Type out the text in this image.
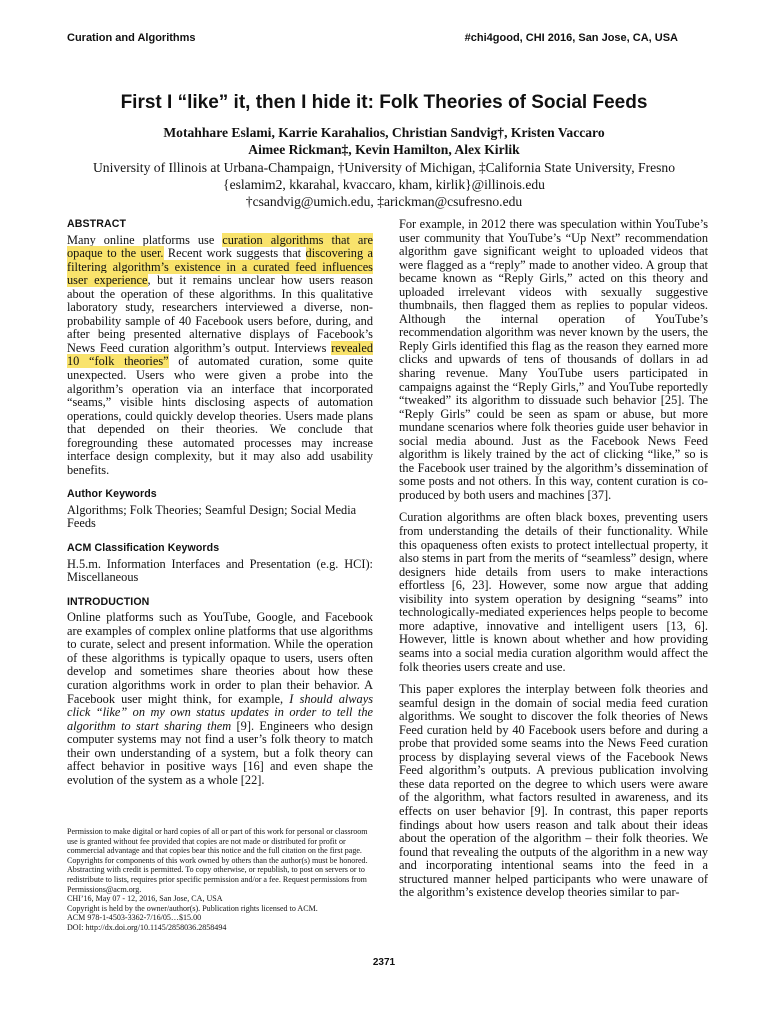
Curation and Algorithms	#chi4good, CHI 2016, San Jose, CA, USA
First I “like” it, then I hide it: Folk Theories of Social Feeds
Motahhare Eslami, Karrie Karahalios, Christian Sandvig†, Kristen Vaccaro
Aimee Rickman‡, Kevin Hamilton, Alex Kirlik
University of Illinois at Urbana-Champaign, †University of Michigan, ‡California State University, Fresno
{eslamim2, kkarahal, kvaccaro, kham, kirlik}@illinois.edu
†csandvig@umich.edu, ‡arickman@csufresno.edu
ABSTRACT

Many online platforms use curation algorithms that are opaque to the user. Recent work suggests that discovering a filtering algorithm’s existence in a curated feed influences user experience, but it remains unclear how users reason about the operation of these algorithms. In this qualitative laboratory study, researchers interviewed a diverse, non-probability sample of 40 Facebook users before, during, and after being presented alternative displays of Facebook’s News Feed curation algorithm’s output. Interviews revealed 10 “folk theories” of automated curation, some quite unexpected. Users who were given a probe into the algorithm’s operation via an interface that incorporated “seams,” visible hints disclosing aspects of automation operations, could quickly develop theories. Users made plans that depended on their theories. We conclude that foregrounding these automated processes may increase interface design complexity, but it may also add usability benefits.

Author Keywords

Algorithms; Folk Theories; Seamful Design; Social Media Feeds

ACM Classification Keywords

H.5.m. Information Interfaces and Presentation (e.g. HCI): Miscellaneous

INTRODUCTION

Online platforms such as YouTube, Google, and Facebook are examples of complex online platforms that use algorithms to curate, select and present information. While the operation of these algorithms is typically opaque to users, users often develop and sometimes share theories about how these curation algorithms work in order to plan their behavior. A Facebook user might think, for example, I should always click “like” on my own status updates in order to tell the algorithm to start sharing them [9]. Engineers who design computer systems may not find a user’s folk theory to match their own understanding of a system, but a folk theory can affect behavior in positive ways [16] and even shape the evolution of the system as a whole [22].

Permission to make digital or hard copies of all or part of this work for personal or classroom use is granted without fee provided that copies are not made or distributed for profit or commercial advantage and that copies bear this notice and the full citation on the first page. Copyrights for components of this work owned by others than the author(s) must be honored. Abstracting with credit is permitted. To copy otherwise, or republish, to post on servers or to redistribute to lists, requires prior specific permission and/or a fee. Request permissions from Permissions@acm.org.
CHI’16, May 07 - 12, 2016, San Jose, CA, USA
Copyright is held by the owner/author(s). Publication rights licensed to ACM.
ACM 978-1-4503-3362-7/16/05…$15.00
DOI: http://dx.doi.org/10.1145/2858036.2858494

For example, in 2012 there was speculation within YouTube’s user community that YouTube’s “Up Next” recommendation algorithm gave significant weight to uploaded videos that were flagged as a “reply” made to another video. A group that became known as “Reply Girls,” acted on this theory and uploaded irrelevant videos with sexually suggestive thumbnails, then flagged them as replies to popular videos. Although the internal operation of YouTube’s recommendation algorithm was never known by the users, the Reply Girls identified this flag as the reason they earned more clicks and upwards of tens of thousands of dollars in ad sharing revenue. Many YouTube users participated in campaigns against the “Reply Girls,” and YouTube reportedly “tweaked” its algorithm to dissuade such behavior [25]. The “Reply Girls” could be seen as spam or abuse, but more mundane scenarios where folk theories guide user behavior in social media abound. Just as the Facebook News Feed algorithm is likely trained by the act of clicking “like,” so is the Facebook user trained by the algorithm’s dissemination of some posts and not others. In this way, content curation is co-produced by both users and machines [37].

Curation algorithms are often black boxes, preventing users from understanding the details of their functionality. While this opaqueness often exists to protect intellectual property, it also stems in part from the merits of “seamless” design, where designers hide details from users to make interactions effortless [6, 23]. However, some now argue that adding visibility into system operation by designing “seams” into technologically-mediated experiences helps people to become more adaptive, innovative and intelligent users [13, 6]. However, little is known about whether and how providing seams into a social media curation algorithm would affect the folk theories users create and use.

This paper explores the interplay between folk theories and seamful design in the domain of social media feed curation algorithms. We sought to discover the folk theories of News Feed curation held by 40 Facebook users before and during a probe that provided some seams into the News Feed curation process by displaying several views of the Facebook News Feed algorithm’s outputs. A previous publication involving these data reported on the degree to which users were aware of the algorithm, what factors resulted in awareness, and its effects on user behavior [9]. In contrast, this paper reports findings about how users reason and talk about their ideas about the operation of the algorithm – their folk theories. We found that revealing the outputs of the algorithm in a new way and incorporating intentional seams into the feed in a structured manner helped participants who were unaware of the algorithm’s existence develop theories similar to par-

2371
